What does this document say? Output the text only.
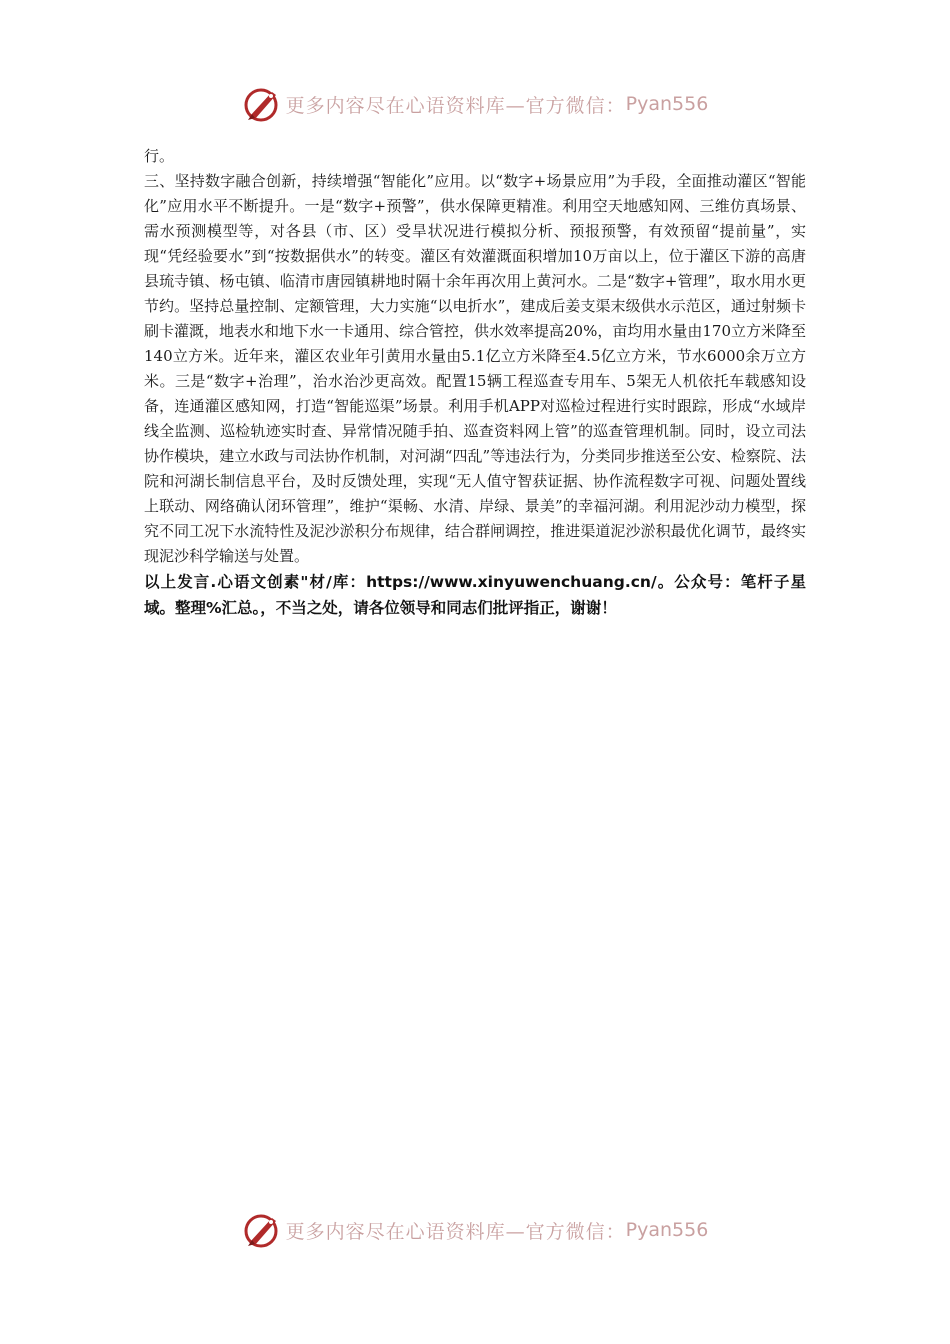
更多内容尽在心语资料库—官方微信： Pyan556

行。

三、坚持数字融合创新，持续增强“智能化”应用。以“数字+场景应用”为手段，全面推动灌区“智能化”应用水平不断提升。一是“数字+预警”，供水保障更精准。利用空天地感知网、三维仿真场景、需水预测模型等，对各县（市、区）受旱状况进行模拟分析、预报预警，有效预留“提前量”，实现“凭经验要水”到“按数据供水”的转变。灌区有效灌溉面积增加10万亩以上，位于灌区下游的高唐县琉寺镇、杨屯镇、临清市唐园镇耕地时隔十余年再次用上黄河水。二是“数字+管理”，取水用水更节约。坚持总量控制、定额管理，大力实施“以电折水”，建成后姜支渠末级供水示范区，通过射频卡刷卡灌溉，地表水和地下水一卡通用、综合管控，供水效率提高20%，亩均用水量由170立方米降至140立方米。近年来，灌区农业年引黄用水量由5.1亿立方米降至4.5亿立方米，节水6000余万立方米。三是“数字+治理”，治水治沙更高效。配置15辆工程巡查专用车、5架无人机依托车载感知设备，连通灌区感知网，打造“智能巡渠”场景。利用手机APP对巡检过程进行实时跟踪，形成“水域岸线全监测、巡检轨迹实时查、异常情况随手拍、巡查资料网上管”的巡查管理机制。同时，设立司法协作模块，建立水政与司法协作机制，对河湖“四乱”等违法行为，分类同步推送至公安、检察院、法院和河湖长制信息平台，及时反馈处理，实现“无人值守智获证据、协作流程数字可视、问题处置线上联动、网络确认闭环管理”，维护“渠畅、水清、岸绿、景美”的幸福河湖。利用泥沙动力模型，探究不同工况下水流特性及泥沙淤积分布规律，结合群闸调控，推进渠道泥沙淤积最优化调节，最终实现泥沙科学输送与处置。

以上发言.心语文创素"材/库：https://www.xinyuwenchuang.cn/。公众号：笔杆子星域。整理%汇总。，不当之处，请各位领导和同志们批评指正，谢谢！

更多内容尽在心语资料库—官方微信： Pyan556
